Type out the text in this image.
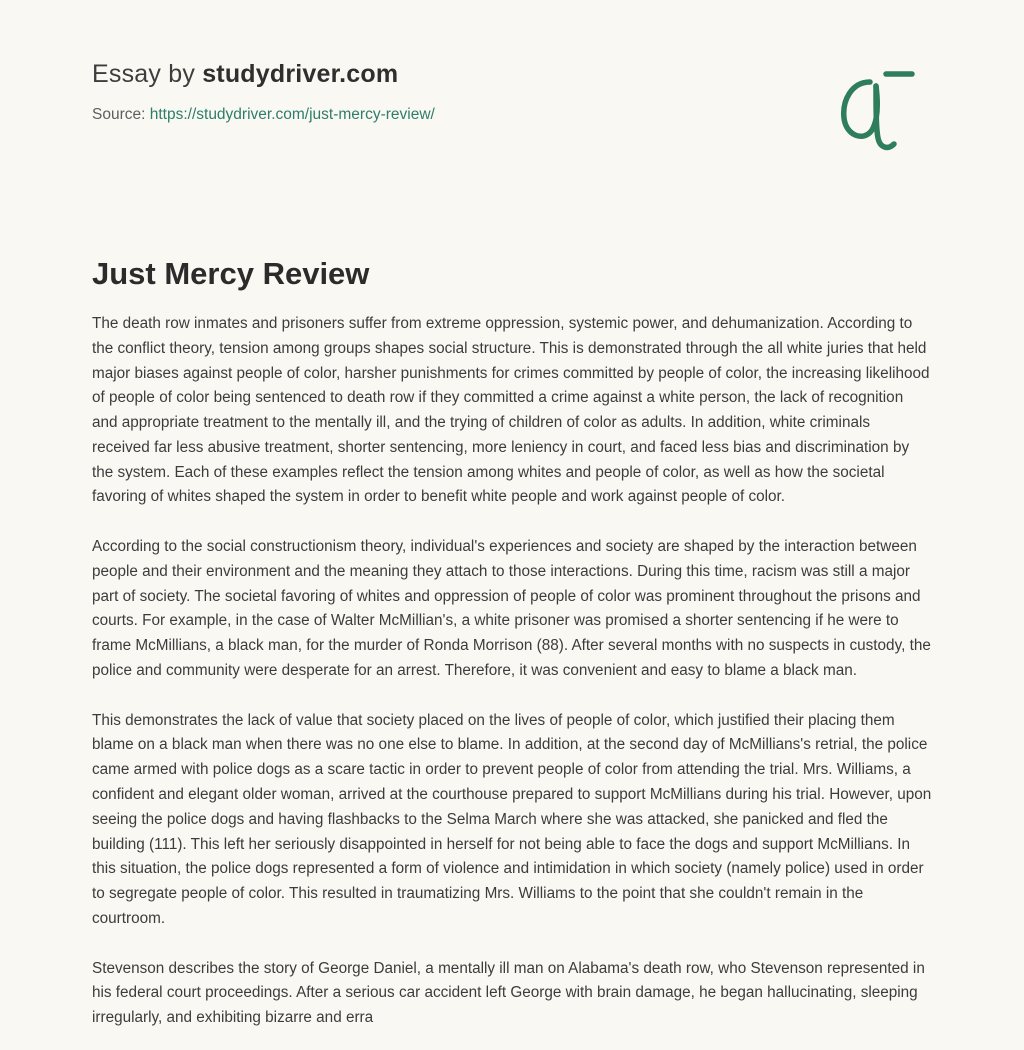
Essay by studydriver.com
Source: https://studydriver.com/just-mercy-review/
Just Mercy Review

The death row inmates and prisoners suffer from extreme oppression, systemic power, and dehumanization. According to the conflict theory, tension among groups shapes social structure. This is demonstrated through the all white juries that held major biases against people of color, harsher punishments for crimes committed by people of color, the increasing likelihood of people of color being sentenced to death row if they committed a crime against a white person, the lack of recognition and appropriate treatment to the mentally ill, and the trying of children of color as adults. In addition, white criminals received far less abusive treatment, shorter sentencing, more leniency in court, and faced less bias and discrimination by the system. Each of these examples reflect the tension among whites and people of color, as well as how the societal favoring of whites shaped the system in order to benefit white people and work against people of color.

According to the social constructionism theory, individual's experiences and society are shaped by the interaction between people and their environment and the meaning they attach to those interactions. During this time, racism was still a major part of society. The societal favoring of whites and oppression of people of color was prominent throughout the prisons and courts. For example, in the case of Walter McMillian's, a white prisoner was promised a shorter sentencing if he were to frame McMillians, a black man, for the murder of Ronda Morrison (88). After several months with no suspects in custody, the police and community were desperate for an arrest. Therefore, it was convenient and easy to blame a black man.

This demonstrates the lack of value that society placed on the lives of people of color, which justified their placing them blame on a black man when there was no one else to blame. In addition, at the second day of McMillians's retrial, the police came armed with police dogs as a scare tactic in order to prevent people of color from attending the trial. Mrs. Williams, a confident and elegant older woman, arrived at the courthouse prepared to support McMillians during his trial. However, upon seeing the police dogs and having flashbacks to the Selma March where she was attacked, she panicked and fled the building (111). This left her seriously disappointed in herself for not being able to face the dogs and support McMillians. In this situation, the police dogs represented a form of violence and intimidation in which society (namely police) used in order to segregate people of color. This resulted in traumatizing Mrs. Williams to the point that she couldn't remain in the courtroom.

Stevenson describes the story of George Daniel, a mentally ill man on Alabama's death row, who Stevenson represented in his federal court proceedings. After a serious car accident left George with brain damage, he began hallucinating, sleeping irregularly, and exhibiting bizarre and erra
